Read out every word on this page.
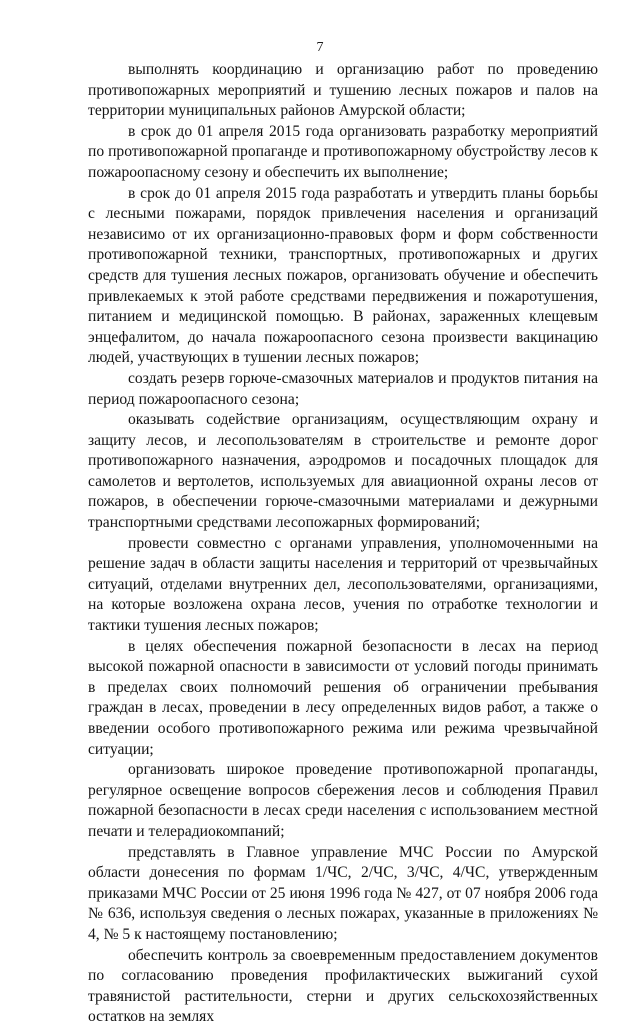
7

выполнять координацию и организацию работ по проведению противопожарных мероприятий и тушению лесных пожаров и палов на территории муниципальных районов Амурской области;

в срок до 01 апреля 2015 года организовать разработку мероприятий по противопожарной пропаганде и противопожарному обустройству лесов к пожароопасному сезону и обеспечить их выполнение;

в срок до 01 апреля 2015 года разработать и утвердить планы борьбы с лесными пожарами, порядок привлечения населения и организаций независимо от их организационно-правовых форм и форм собственности противопожарной техники, транспортных, противопожарных и других средств для тушения лесных пожаров, организовать обучение и обеспечить привлекаемых к этой работе средствами передвижения и пожаротушения, питанием и медицинской помощью. В районах, зараженных клещевым энцефалитом, до начала пожароопасного сезона произвести вакцинацию людей, участвующих в тушении лесных пожаров;

создать резерв горюче-смазочных материалов и продуктов питания на период пожароопасного сезона;

оказывать содействие организациям, осуществляющим охрану и защиту лесов, и лесопользователям в строительстве и ремонте дорог противопожарного назначения, аэродромов и посадочных площадок для самолетов и вертолетов, используемых для авиационной охраны лесов от пожаров, в обеспечении горюче-смазочными материалами и дежурными транспортными средствами лесопожарных формирований;

провести совместно с органами управления, уполномоченными на решение задач в области защиты населения и территорий от чрезвычайных ситуаций, отделами внутренних дел, лесопользователями, организациями, на которые возложена охрана лесов, учения по отработке технологии и тактики тушения лесных пожаров;

в целях обеспечения пожарной безопасности в лесах на период высокой пожарной опасности в зависимости от условий погоды принимать в пределах своих полномочий решения об ограничении пребывания граждан в лесах, проведении в лесу определенных видов работ, а также о введении особого противопожарного режима или режима чрезвычайной ситуации;

организовать широкое проведение противопожарной пропаганды, регулярное освещение вопросов сбережения лесов и соблюдения Правил пожарной безопасности в лесах среди населения с использованием местной печати и телерадиокомпаний;

представлять в Главное управление МЧС России по Амурской области донесения по формам 1/ЧС, 2/ЧС, 3/ЧС, 4/ЧС, утвержденным приказами МЧС России от 25 июня 1996 года № 427, от 07 ноября 2006 года № 636, используя сведения о лесных пожарах, указанные в приложениях № 4, № 5 к настоящему постановлению;

обеспечить контроль за своевременным предоставлением документов по согласованию проведения профилактических выжиганий сухой травянистой растительности, стерни и других сельскохозяйственных остатков на землях
